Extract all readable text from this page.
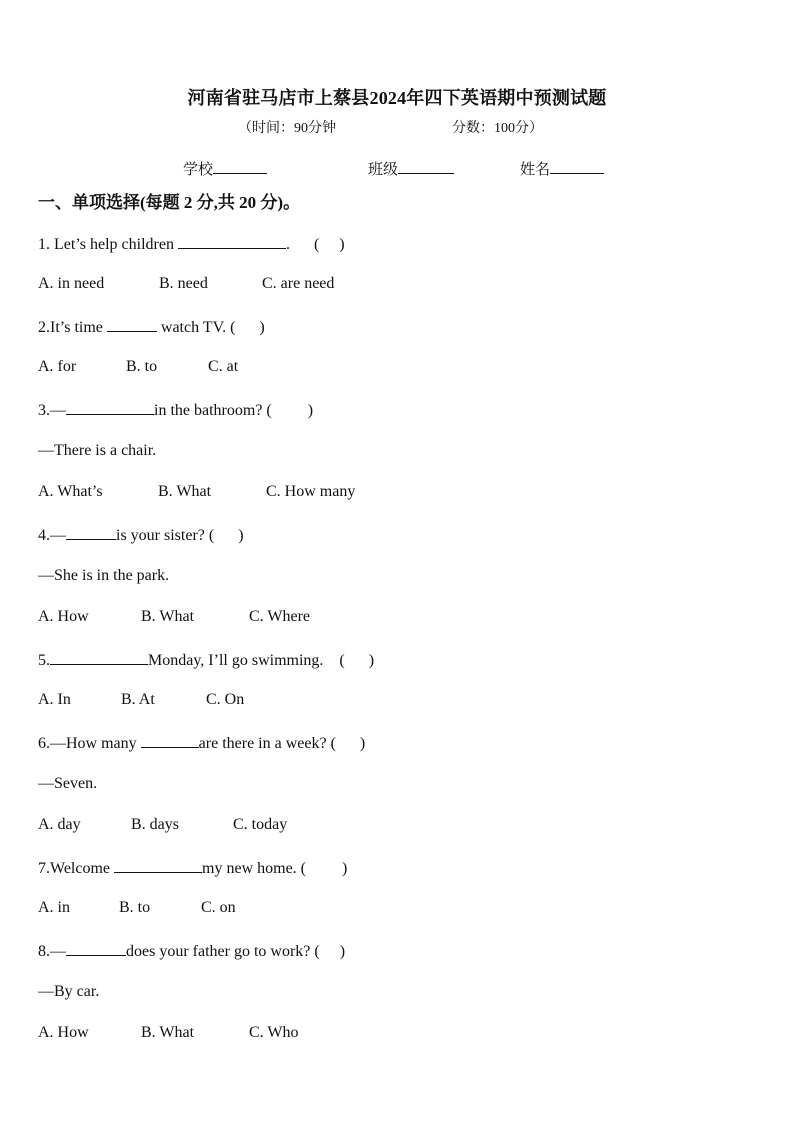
河南省驻马店市上蔡县2024年四下英语期中预测试题
（时间：90分钟	分数：100分）
学校	班级	姓名
一、单项选择(每题 2 分,共 20 分)。
1. Let’s help children	.      (     )
A. in need	B. need	C. are need
2.It’s time	watch TV. (      )
A. for	B. to	C. at
3.—	in the bathroom? (         )
—There is a chair.
A. What’s	B. What	C. How many
4.—	is your sister? (      )
—She is in the park.
A. How	B. What	C. Where
5.	Monday, I’ll go swimming.    (      )
A. In	B. At	C. On
6.—How many	are there in a week? (      )
—Seven.
A. day	B. days	C. today
7.Welcome	my new home. (         )
A. in	B. to	C. on
8.—	does your father go to work? (     )
—By car.
A. How	B. What	C. Who
